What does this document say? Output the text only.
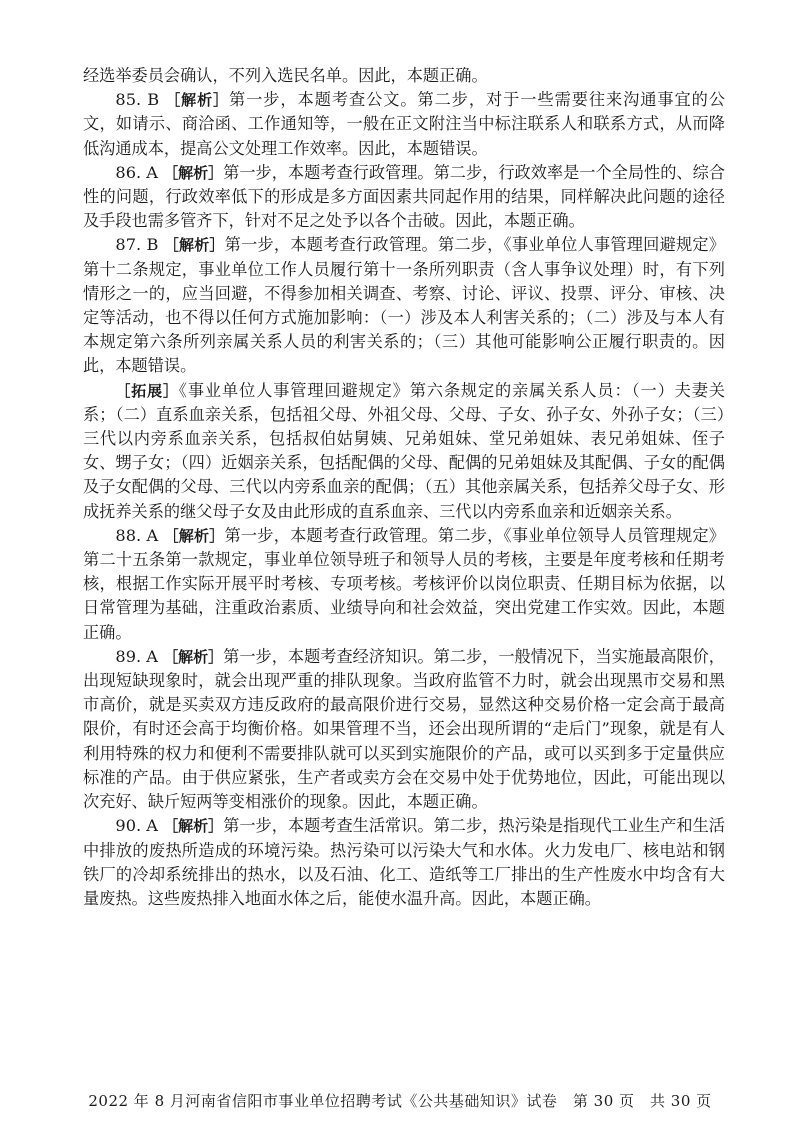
经选举委员会确认，不列入选民名单。因此，本题正确。

85. B ［解析］第一步，本题考查公文。第二步，对于一些需要往来沟通事宜的公文，如请示、商洽函、工作通知等，一般在正文附注当中标注联系人和联系方式，从而降低沟通成本，提高公文处理工作效率。因此，本题错误。

86. A ［解析］第一步，本题考查行政管理。第二步，行政效率是一个全局性的、综合性的问题，行政效率低下的形成是多方面因素共同起作用的结果，同样解决此问题的途径及手段也需多管齐下，针对不足之处予以各个击破。因此，本题正确。

87. B ［解析］第一步，本题考查行政管理。第二步，《事业单位人事管理回避规定》第十二条规定，事业单位工作人员履行第十一条所列职责（含人事争议处理）时，有下列情形之一的，应当回避，不得参加相关调查、考察、讨论、评议、投票、评分、审核、决定等活动，也不得以任何方式施加影响：（一）涉及本人利害关系的；（二）涉及与本人有本规定第六条所列亲属关系人员的利害关系的；（三）其他可能影响公正履行职责的。因此，本题错误。

［拓展］《事业单位人事管理回避规定》第六条规定的亲属关系人员：（一）夫妻关系；（二）直系血亲关系，包括祖父母、外祖父母、父母、子女、孙子女、外孙子女；（三）三代以内旁系血亲关系，包括叔伯姑舅姨、兄弟姐妹、堂兄弟姐妹、表兄弟姐妹、侄子女、甥子女；（四）近姻亲关系，包括配偶的父母、配偶的兄弟姐妹及其配偶、子女的配偶及子女配偶的父母、三代以内旁系血亲的配偶；（五）其他亲属关系，包括养父母子女、形成抚养关系的继父母子女及由此形成的直系血亲、三代以内旁系血亲和近姻亲关系。

88. A ［解析］第一步，本题考查行政管理。第二步，《事业单位领导人员管理规定》第二十五条第一款规定，事业单位领导班子和领导人员的考核，主要是年度考核和任期考核，根据工作实际开展平时考核、专项考核。考核评价以岗位职责、任期目标为依据，以日常管理为基础，注重政治素质、业绩导向和社会效益，突出党建工作实效。因此，本题正确。

89. A ［解析］第一步，本题考查经济知识。第二步，一般情况下，当实施最高限价，出现短缺现象时，就会出现严重的排队现象。当政府监管不力时，就会出现黑市交易和黑市高价，就是买卖双方违反政府的最高限价进行交易，显然这种交易价格一定会高于最高限价，有时还会高于均衡价格。如果管理不当，还会出现所谓的“走后门”现象，就是有人利用特殊的权力和便利不需要排队就可以买到实施限价的产品，或可以买到多于定量供应标准的产品。由于供应紧张，生产者或卖方会在交易中处于优势地位，因此，可能出现以次充好、缺斤短两等变相涨价的现象。因此，本题正确。

90. A ［解析］第一步，本题考查生活常识。第二步，热污染是指现代工业生产和生活中排放的废热所造成的环境污染。热污染可以污染大气和水体。火力发电厂、核电站和钢铁厂的冷却系统排出的热水，以及石油、化工、造纸等工厂排出的生产性废水中均含有大量废热。这些废热排入地面水体之后，能使水温升高。因此，本题正确。

2022 年 8 月河南省信阳市事业单位招聘考试《公共基础知识》试卷　第 30 页　共 30 页
